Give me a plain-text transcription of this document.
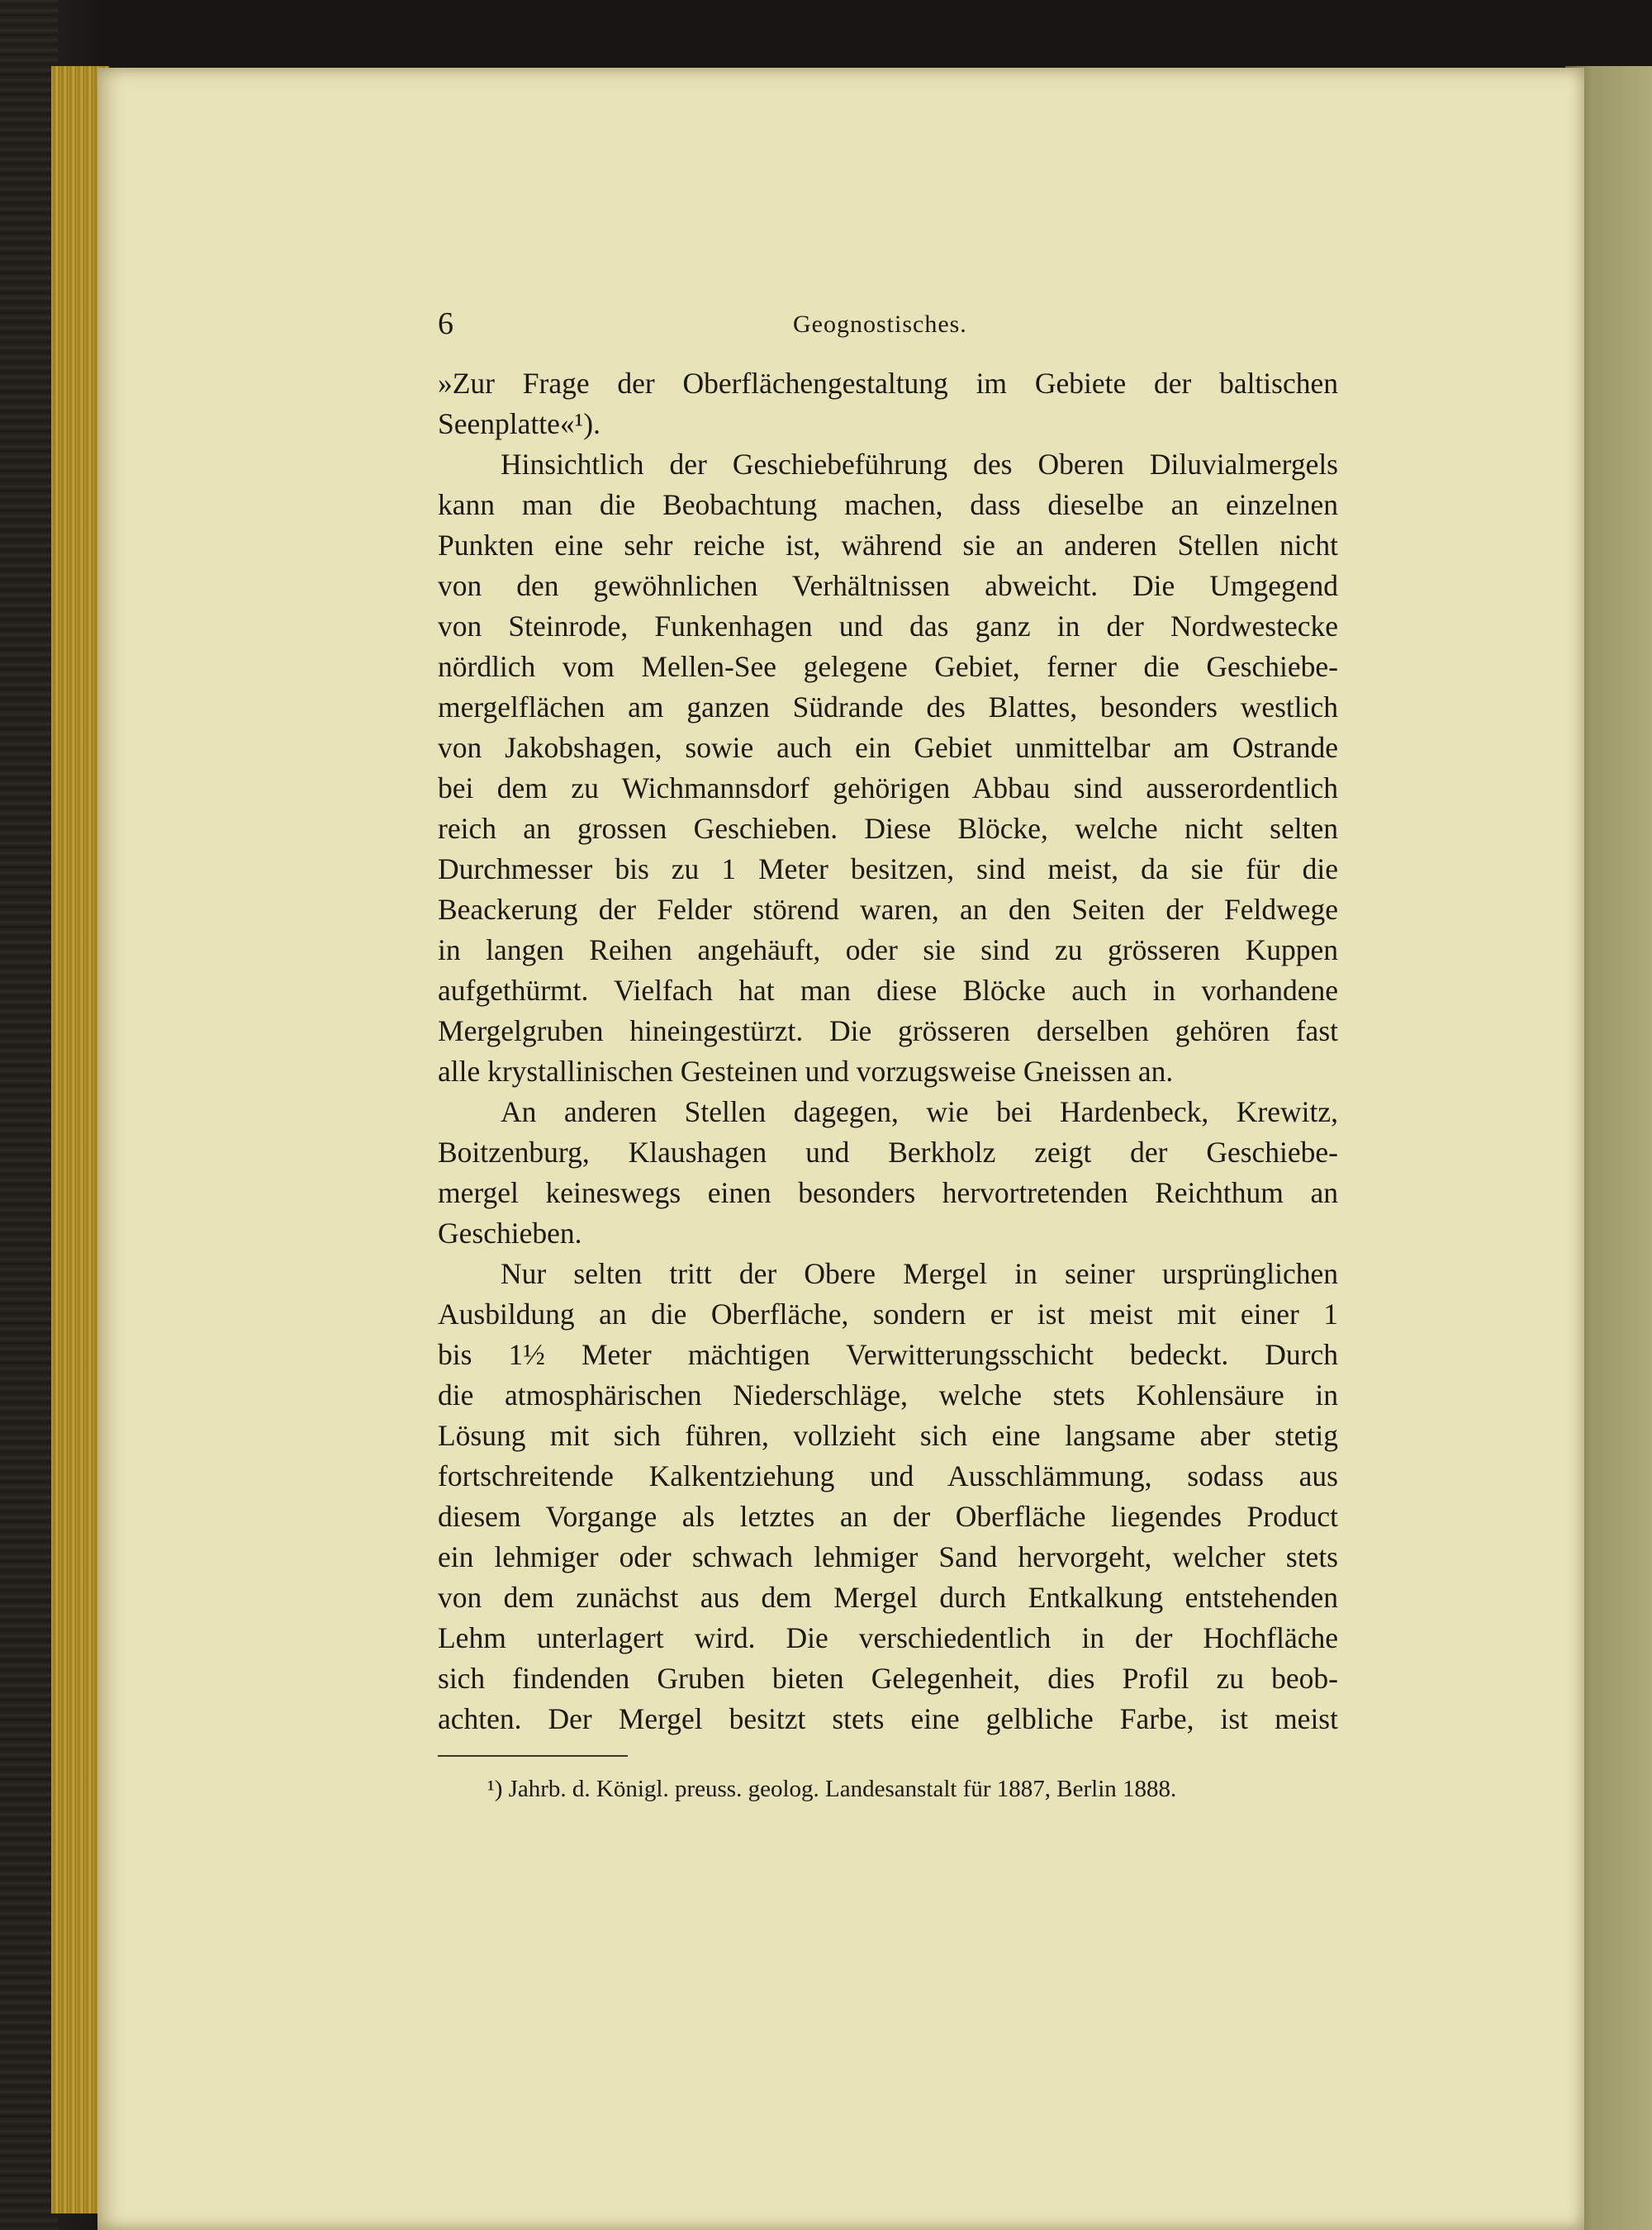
6	Geognostisches.
»Zur Frage der Oberflächengestaltung im Gebiete der baltischen
Seenplatte«¹).
Hinsichtlich der Geschiebeführung des Oberen Diluvialmergels
kann man die Beobachtung machen, dass dieselbe an einzelnen
Punkten eine sehr reiche ist, während sie an anderen Stellen nicht
von den gewöhnlichen Verhältnissen abweicht. Die Umgegend
von Steinrode, Funkenhagen und das ganz in der Nordwestecke
nördlich vom Mellen-See gelegene Gebiet, ferner die Geschiebe-
mergelflächen am ganzen Südrande des Blattes, besonders westlich
von Jakobshagen, sowie auch ein Gebiet unmittelbar am Ostrande
bei dem zu Wichmannsdorf gehörigen Abbau sind ausserordentlich
reich an grossen Geschieben. Diese Blöcke, welche nicht selten
Durchmesser bis zu 1 Meter besitzen, sind meist, da sie für die
Beackerung der Felder störend waren, an den Seiten der Feldwege
in langen Reihen angehäuft, oder sie sind zu grösseren Kuppen
aufgethürmt. Vielfach hat man diese Blöcke auch in vorhandene
Mergelgruben hineingestürzt. Die grösseren derselben gehören fast
alle krystallinischen Gesteinen und vorzugsweise Gneissen an.
An anderen Stellen dagegen, wie bei Hardenbeck, Krewitz,
Boitzenburg, Klaushagen und Berkholz zeigt der Geschiebe-
mergel keineswegs einen besonders hervortretenden Reichthum an
Geschieben.
Nur selten tritt der Obere Mergel in seiner ursprünglichen
Ausbildung an die Oberfläche, sondern er ist meist mit einer 1
bis 1½ Meter mächtigen Verwitterungsschicht bedeckt. Durch
die atmosphärischen Niederschläge, welche stets Kohlensäure in
Lösung mit sich führen, vollzieht sich eine langsame aber stetig
fortschreitende Kalkentziehung und Ausschlämmung, sodass aus
diesem Vorgange als letztes an der Oberfläche liegendes Product
ein lehmiger oder schwach lehmiger Sand hervorgeht, welcher stets
von dem zunächst aus dem Mergel durch Entkalkung entstehenden
Lehm unterlagert wird. Die verschiedentlich in der Hochfläche
sich findenden Gruben bieten Gelegenheit, dies Profil zu beob-
achten. Der Mergel besitzt stets eine gelbliche Farbe, ist meist
¹) Jahrb. d. Königl. preuss. geolog. Landesanstalt für 1887, Berlin 1888.
